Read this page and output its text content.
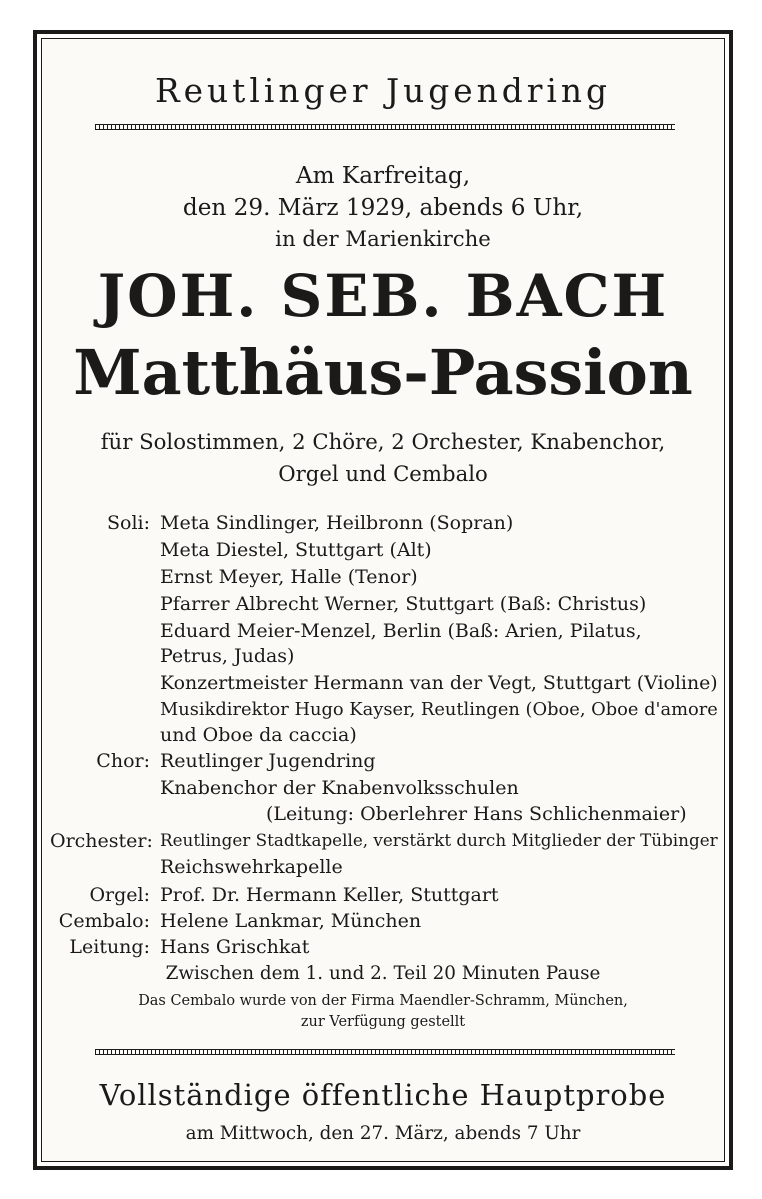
Reutlinger Jugendring
Am Karfreitag,
den 29. März 1929, abends 6 Uhr,
in der Marienkirche
JOH. SEB. BACH
Matthäus-Passion
für Solostimmen, 2 Chöre, 2 Orchester, Knabenchor,
Orgel und Cembalo
Soli: Meta Sindlinger, Heilbronn (Sopran)
Meta Diestel, Stuttgart (Alt)
Ernst Meyer, Halle (Tenor)
Pfarrer Albrecht Werner, Stuttgart (Baß: Christus)
Eduard Meier-Menzel, Berlin (Baß: Arien, Pilatus,
Petrus, Judas)
Konzertmeister Hermann van der Vegt, Stuttgart (Violine)
Musikdirektor Hugo Kayser, Reutlingen (Oboe, Oboe d'amore
und Oboe da caccia)
Chor: Reutlinger Jugendring
Knabenchor der Knabenvolksschulen
(Leitung: Oberlehrer Hans Schlichenmaier)
Orchester: Reutlinger Stadtkapelle, verstärkt durch Mitglieder der Tübinger
Reichswehrkapelle
Orgel: Prof. Dr. Hermann Keller, Stuttgart
Cembalo: Helene Lankmar, München
Leitung: Hans Grischkat
Zwischen dem 1. und 2. Teil 20 Minuten Pause
Das Cembalo wurde von der Firma Maendler-Schramm, München,
zur Verfügung gestellt
Vollständige öffentliche Hauptprobe
am Mittwoch, den 27. März, abends 7 Uhr
